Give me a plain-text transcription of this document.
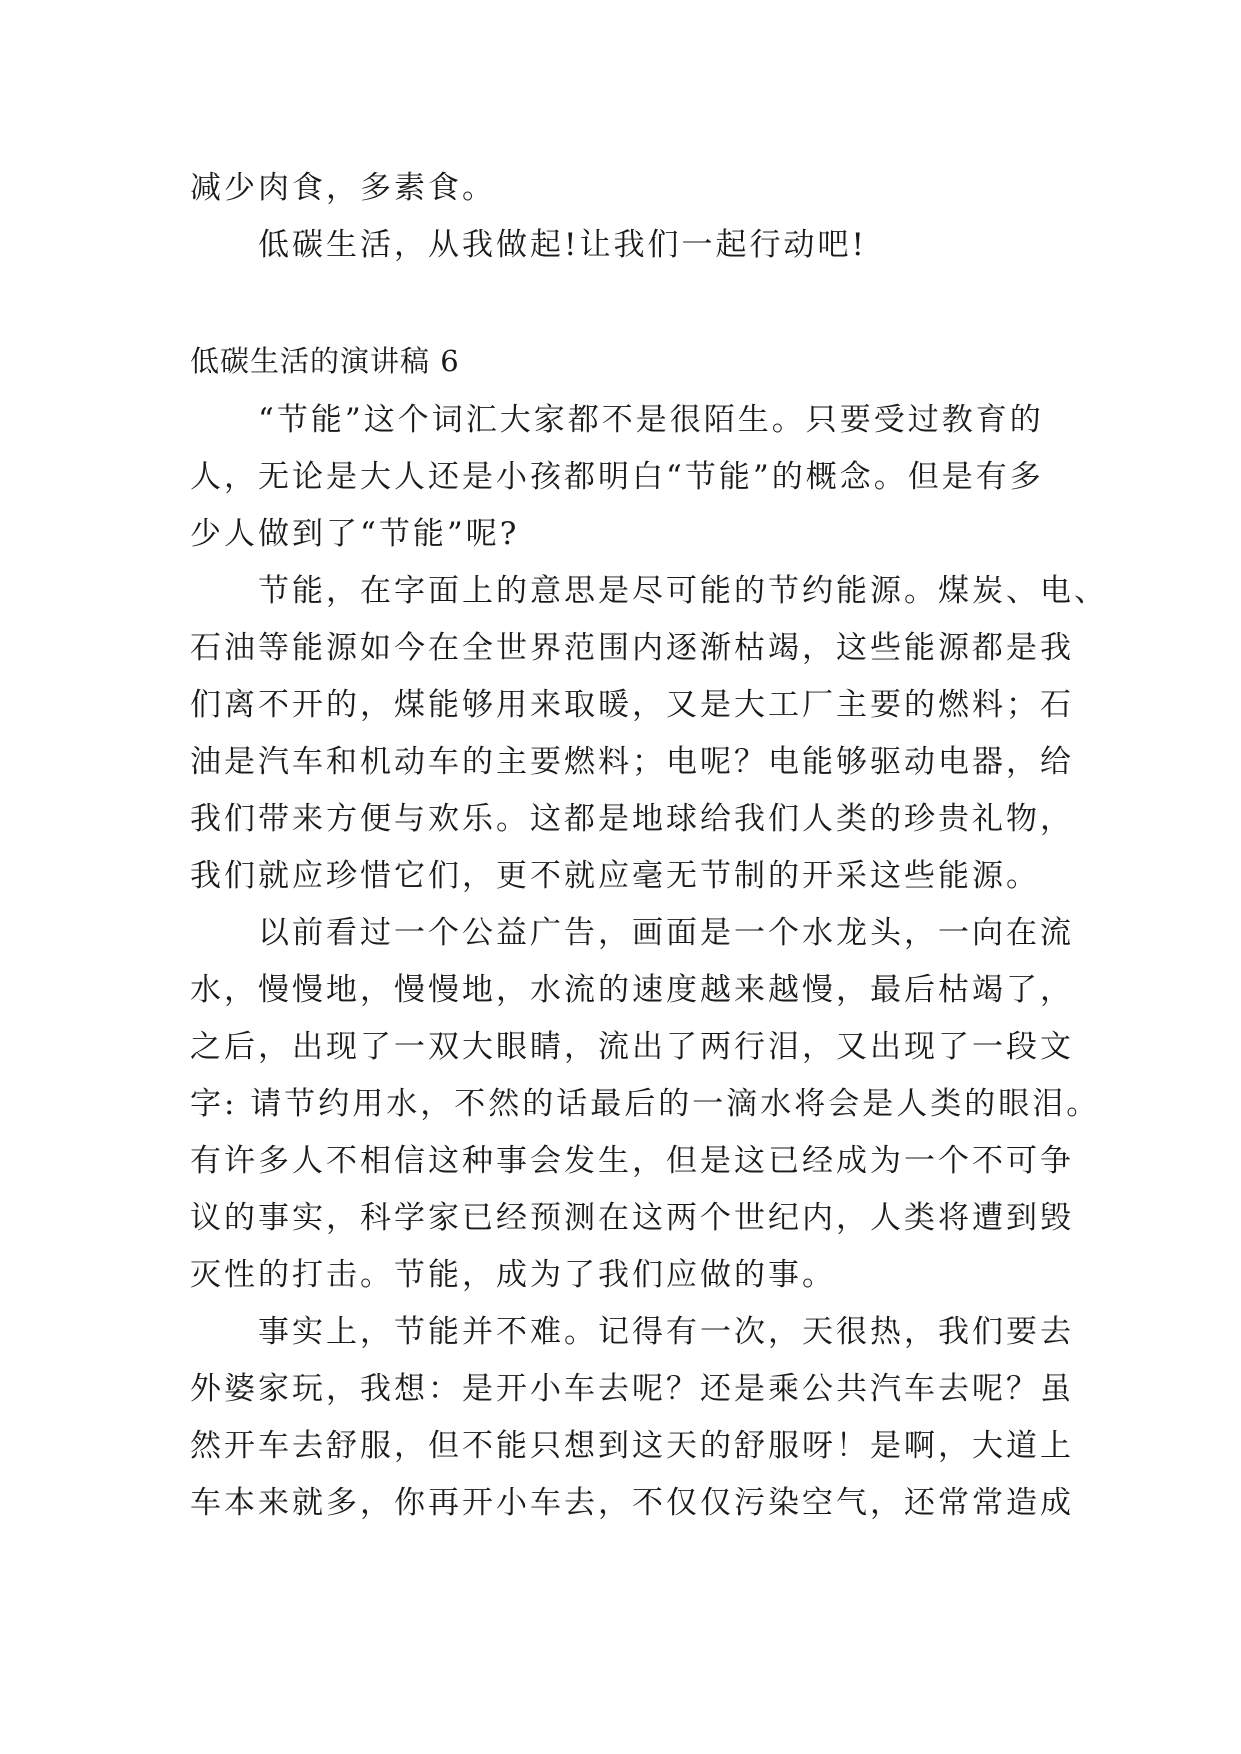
减少肉食，多素食。
　　低碳生活，从我做起!让我们一起行动吧!
低碳生活的演讲稿 6
　　“节能”这个词汇大家都不是很陌生。只要受过教育的
人，无论是大人还是小孩都明白“节能”的概念。但是有多
少人做到了“节能”呢?
　　节能，在字面上的意思是尽可能的节约能源。煤炭、电、
石油等能源如今在全世界范围内逐渐枯竭，这些能源都是我
们离不开的，煤能够用来取暖，又是大工厂主要的燃料；石
油是汽车和机动车的主要燃料；电呢？电能够驱动电器，给
我们带来方便与欢乐。这都是地球给我们人类的珍贵礼物，
我们就应珍惜它们，更不就应毫无节制的开采这些能源。
　　以前看过一个公益广告，画面是一个水龙头，一向在流
水，慢慢地，慢慢地，水流的速度越来越慢，最后枯竭了，
之后，出现了一双大眼睛，流出了两行泪，又出现了一段文
字: 请节约用水，不然的话最后的一滴水将会是人类的眼泪。
有许多人不相信这种事会发生，但是这已经成为一个不可争
议的事实，科学家已经预测在这两个世纪内，人类将遭到毁
灭性的打击。节能，成为了我们应做的事。
　　事实上，节能并不难。记得有一次，天很热，我们要去
外婆家玩，我想：是开小车去呢？还是乘公共汽车去呢？虽
然开车去舒服，但不能只想到这天的舒服呀！是啊，大道上
车本来就多，你再开小车去，不仅仅污染空气，还常常造成
